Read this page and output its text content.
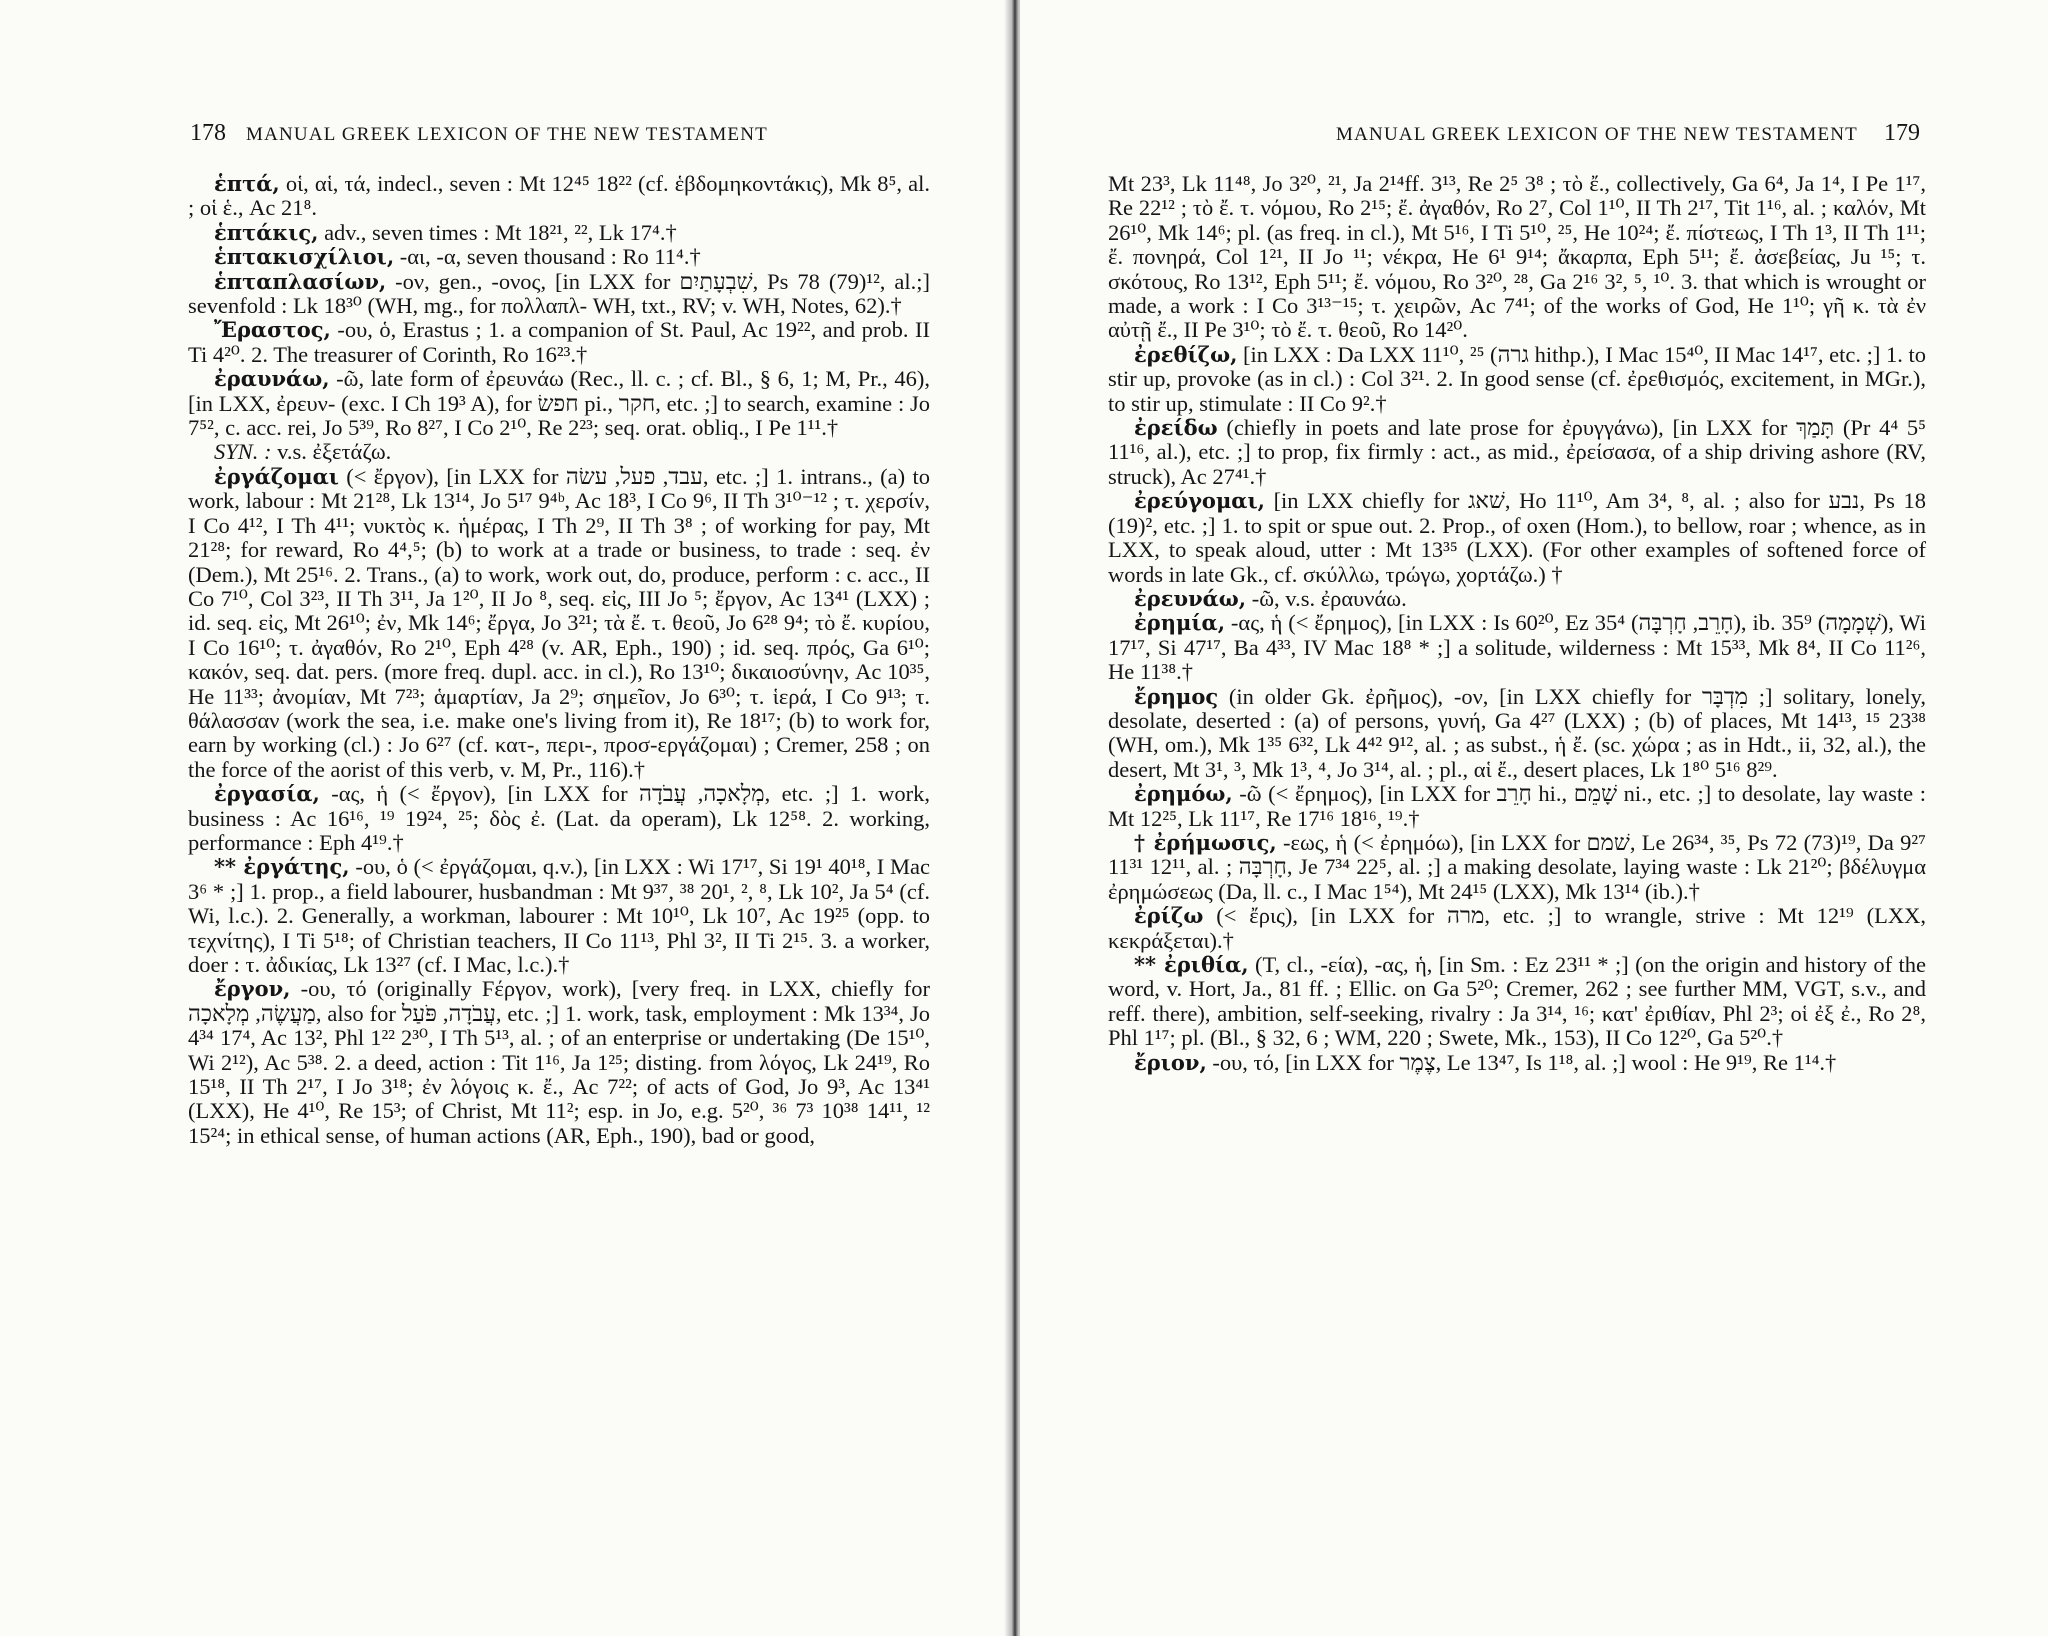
178 MANUAL GREEK LEXICON OF THE NEW TESTAMENT

ἑπτά, οἱ, αἱ, τά, indecl., seven : Mt 12⁴⁵ 18²² (cf. ἑβδομηκοντάκις), Mk 8⁵, al. ; οἱ ἑ., Ac 21⁸.

ἑπτάκις, adv., seven times : Mt 18²¹, ²², Lk 17⁴.†

ἑπτακισχίλιοι, -αι, -α, seven thousand : Ro 11⁴.†

ἑπταπλασίων, -ον, gen., -ονος, [in LXX for שִׁבְעָתַיִם, Ps 78 (79)¹², al.;] sevenfold : Lk 18³⁰ (WH, mg., for πολλαπλ- WH, txt., RV; v. WH, Notes, 62).†

Ἔραστος, -ου, ὁ, Erastus ; 1. a companion of St. Paul, Ac 19²², and prob. II Ti 4²⁰. 2. The treasurer of Corinth, Ro 16²³.†

ἐραυνάω, -ῶ, late form of ἐρευνάω (Rec., ll. c. ; cf. Bl., § 6, 1; M, Pr., 46), [in LXX, ἐρευν- (exc. I Ch 19³ A), for חפשׂ pi., חקר, etc. ;] to search, examine : Jo 7⁵², c. acc. rei, Jo 5³⁹, Ro 8²⁷, I Co 2¹⁰, Re 2²³; seq. orat. obliq., I Pe 1¹¹.†

SYN. : v.s. ἐξετάζω.

ἐργάζομαι (< ἔργον), [in LXX for עבד, פעל, עשׂה, etc. ;] 1. intrans., (a) to work, labour : Mt 21²⁸, Lk 13¹⁴, Jo 5¹⁷ 9⁴ᵇ, Ac 18³, I Co 9⁶, II Th 3¹⁰⁻¹² ; τ. χερσίν, I Co 4¹², I Th 4¹¹; νυκτὸς κ. ἡμέρας, I Th 2⁹, II Th 3⁸ ; of working for pay, Mt 21²⁸; for reward, Ro 4⁴,⁵; (b) to work at a trade or business, to trade : seq. ἐν (Dem.), Mt 25¹⁶. 2. Trans., (a) to work, work out, do, produce, perform : c. acc., II Co 7¹⁰, Col 3²³, II Th 3¹¹, Ja 1²⁰, II Jo ⁸, seq. εἰς, III Jo ⁵; ἔργον, Ac 13⁴¹ (LXX) ; id. seq. εἰς, Mt 26¹⁰; ἐν, Mk 14⁶; ἔργα, Jo 3²¹; τὰ ἔ. τ. θεοῦ, Jo 6²⁸ 9⁴; τὸ ἔ. κυρίου, I Co 16¹⁰; τ. ἀγαθόν, Ro 2¹⁰, Eph 4²⁸ (v. AR, Eph., 190) ; id. seq. πρός, Ga 6¹⁰; κακόν, seq. dat. pers. (more freq. dupl. acc. in cl.), Ro 13¹⁰; δικαιοσύνην, Ac 10³⁵, He 11³³; ἀνομίαν, Mt 7²³; ἁμαρτίαν, Ja 2⁹; σημεῖον, Jo 6³⁰; τ. ἱερά, I Co 9¹³; τ. θάλασσαν (work the sea, i.e. make one's living from it), Re 18¹⁷; (b) to work for, earn by working (cl.) : Jo 6²⁷ (cf. κατ-, περι-, προσ-εργάζομαι) ; Cremer, 258 ; on the force of the aorist of this verb, v. M, Pr., 116).†

ἐργασία, -ας, ἡ (< ἔργον), [in LXX for מְלָאכָה, עֲבֹדָה, etc. ;] 1. work, business : Ac 16¹⁶, ¹⁹ 19²⁴, ²⁵; δὸς ἐ. (Lat. da operam), Lk 12⁵⁸. 2. working, performance : Eph 4¹⁹.†

** ἐργάτης, -ου, ὁ (< ἐργάζομαι, q.v.), [in LXX : Wi 17¹⁷, Si 19¹ 40¹⁸, I Mac 3⁶ * ;] 1. prop., a field labourer, husbandman : Mt 9³⁷, ³⁸ 20¹, ², ⁸, Lk 10², Ja 5⁴ (cf. Wi, l.c.). 2. Generally, a workman, labourer : Mt 10¹⁰, Lk 10⁷, Ac 19²⁵ (opp. to τεχνίτης), I Ti 5¹⁸; of Christian teachers, II Co 11¹³, Phl 3², II Ti 2¹⁵. 3. a worker, doer : τ. ἀδικίας, Lk 13²⁷ (cf. I Mac, l.c.).†

ἔργον, -ου, τό (originally Ϝέργον, work), [very freq. in LXX, chiefly for מַעֲשֶׂה, מְלָאכָה, also for עֲבֹדָה, פֹּעַל, etc. ;] 1. work, task, employment : Mk 13³⁴, Jo 4³⁴ 17⁴, Ac 13², Phl 1²² 2³⁰, I Th 5¹³, al. ; of an enterprise or undertaking (De 15¹⁰, Wi 2¹²), Ac 5³⁸. 2. a deed, action : Tit 1¹⁶, Ja 1²⁵; disting. from λόγος, Lk 24¹⁹, Ro 15¹⁸, II Th 2¹⁷, I Jo 3¹⁸; ἐν λόγοις κ. ἔ., Ac 7²²; of acts of God, Jo 9³, Ac 13⁴¹ (LXX), He 4¹⁰, Re 15³; of Christ, Mt 11²; esp. in Jo, e.g. 5²⁰, ³⁶ 7³ 10³⁸ 14¹¹, ¹² 15²⁴; in ethical sense, of human actions (AR, Eph., 190), bad or good,

MANUAL GREEK LEXICON OF THE NEW TESTAMENT 179

Mt 23³, Lk 11⁴⁸, Jo 3²⁰, ²¹, Ja 2¹⁴ff. 3¹³, Re 2⁵ 3⁸ ; τὸ ἔ., collectively, Ga 6⁴, Ja 1⁴, I Pe 1¹⁷, Re 22¹² ; τὸ ἔ. τ. νόμου, Ro 2¹⁵; ἔ. ἀγαθόν, Ro 2⁷, Col 1¹⁰, II Th 2¹⁷, Tit 1¹⁶, al. ; καλόν, Mt 26¹⁰, Mk 14⁶; pl. (as freq. in cl.), Mt 5¹⁶, I Ti 5¹⁰, ²⁵, He 10²⁴; ἔ. πίστεως, I Th 1³, II Th 1¹¹; ἔ. πονηρά, Col 1²¹, II Jo ¹¹; νέκρα, He 6¹ 9¹⁴; ἄκαρπα, Eph 5¹¹; ἔ. ἀσεβείας, Ju ¹⁵; τ. σκότους, Ro 13¹², Eph 5¹¹; ἔ. νόμου, Ro 3²⁰, ²⁸, Ga 2¹⁶ 3², ⁵, ¹⁰. 3. that which is wrought or made, a work : I Co 3¹³⁻¹⁵; τ. χειρῶν, Ac 7⁴¹; of the works of God, He 1¹⁰; γῆ κ. τὰ ἐν αὐτῇ ἔ., II Pe 3¹⁰; τὸ ἔ. τ. θεοῦ, Ro 14²⁰.

ἐρεθίζω, [in LXX : Da LXX 11¹⁰, ²⁵ (גרה hithp.), I Mac 15⁴⁰, II Mac 14¹⁷, etc. ;] 1. to stir up, provoke (as in cl.) : Col 3²¹. 2. In good sense (cf. ἐρεθισμός, excitement, in MGr.), to stir up, stimulate : II Co 9².†

ἐρείδω (chiefly in poets and late prose for ἐρυγγάνω), [in LXX for תָּמַךְ (Pr 4⁴ 5⁵ 11¹⁶, al.), etc. ;] to prop, fix firmly : act., as mid., ἐρείσασα, of a ship driving ashore (RV, struck), Ac 27⁴¹.†

ἐρεύγομαι, [in LXX chiefly for שׁאג, Ho 11¹⁰, Am 3⁴, ⁸, al. ; also for נבע, Ps 18 (19)², etc. ;] 1. to spit or spue out. 2. Prop., of oxen (Hom.), to bellow, roar ; whence, as in LXX, to speak aloud, utter : Mt 13³⁵ (LXX). (For other examples of softened force of words in late Gk., cf. σκύλλω, τρώγω, χορτάζω.) †

ἐρευνάω, -ῶ, v.s. ἐραυνάω.

ἐρημία, -ας, ἡ (< ἔρημος), [in LXX : Is 60²⁰, Ez 35⁴ (חָרֵב, חָרְבָּה), ib. 35⁹ (שְׁמָמָה), Wi 17¹⁷, Si 47¹⁷, Ba 4³³, IV Mac 18⁸ * ;] a solitude, wilderness : Mt 15³³, Mk 8⁴, II Co 11²⁶, He 11³⁸.†

ἔρημος (in older Gk. ἐρῆμος), -ον, [in LXX chiefly for מִדְבָּר ;] solitary, lonely, desolate, deserted : (a) of persons, γυνή, Ga 4²⁷ (LXX) ; (b) of places, Mt 14¹³, ¹⁵ 23³⁸ (WH, om.), Mk 1³⁵ 6³², Lk 4⁴² 9¹², al. ; as subst., ἡ ἔ. (sc. χώρα ; as in Hdt., ii, 32, al.), the desert, Mt 3¹, ³, Mk 1³, ⁴, Jo 3¹⁴, al. ; pl., αἱ ἔ., desert places, Lk 1⁸⁰ 5¹⁶ 8²⁹.

ἐρημόω, -ῶ (< ἔρημος), [in LXX for חָרֵב hi., שָׁמֵם ni., etc. ;] to desolate, lay waste : Mt 12²⁵, Lk 11¹⁷, Re 17¹⁶ 18¹⁶, ¹⁹.†

† ἐρήμωσις, -εως, ἡ (< ἐρημόω), [in LXX for שׁמם, Le 26³⁴, ³⁵, Ps 72 (73)¹⁹, Da 9²⁷ 11³¹ 12¹¹, al. ; חָרְבָּה, Je 7³⁴ 22⁵, al. ;] a making desolate, laying waste : Lk 21²⁰; βδέλυγμα ἐρημώσεως (Da, ll. c., I Mac 1⁵⁴), Mt 24¹⁵ (LXX), Mk 13¹⁴ (ib.).†

ἐρίζω (< ἔρις), [in LXX for מרה, etc. ;] to wrangle, strive : Mt 12¹⁹ (LXX, κεκράξεται).†

** ἐριθία, (T, cl., -εία), -ας, ἡ, [in Sm. : Ez 23¹¹ * ;] (on the origin and history of the word, v. Hort, Ja., 81 ff. ; Ellic. on Ga 5²⁰; Cremer, 262 ; see further MM, VGT, s.v., and reff. there), ambition, self-seeking, rivalry : Ja 3¹⁴, ¹⁶; κατ' ἐριθίαν, Phl 2³; οἱ ἐξ ἐ., Ro 2⁸, Phl 1¹⁷; pl. (Bl., § 32, 6 ; WM, 220 ; Swete, Mk., 153), II Co 12²⁰, Ga 5²⁰.†

ἔριον, -ου, τό, [in LXX for צֶמֶר, Le 13⁴⁷, Is 1¹⁸, al. ;] wool : He 9¹⁹, Re 1¹⁴.†
